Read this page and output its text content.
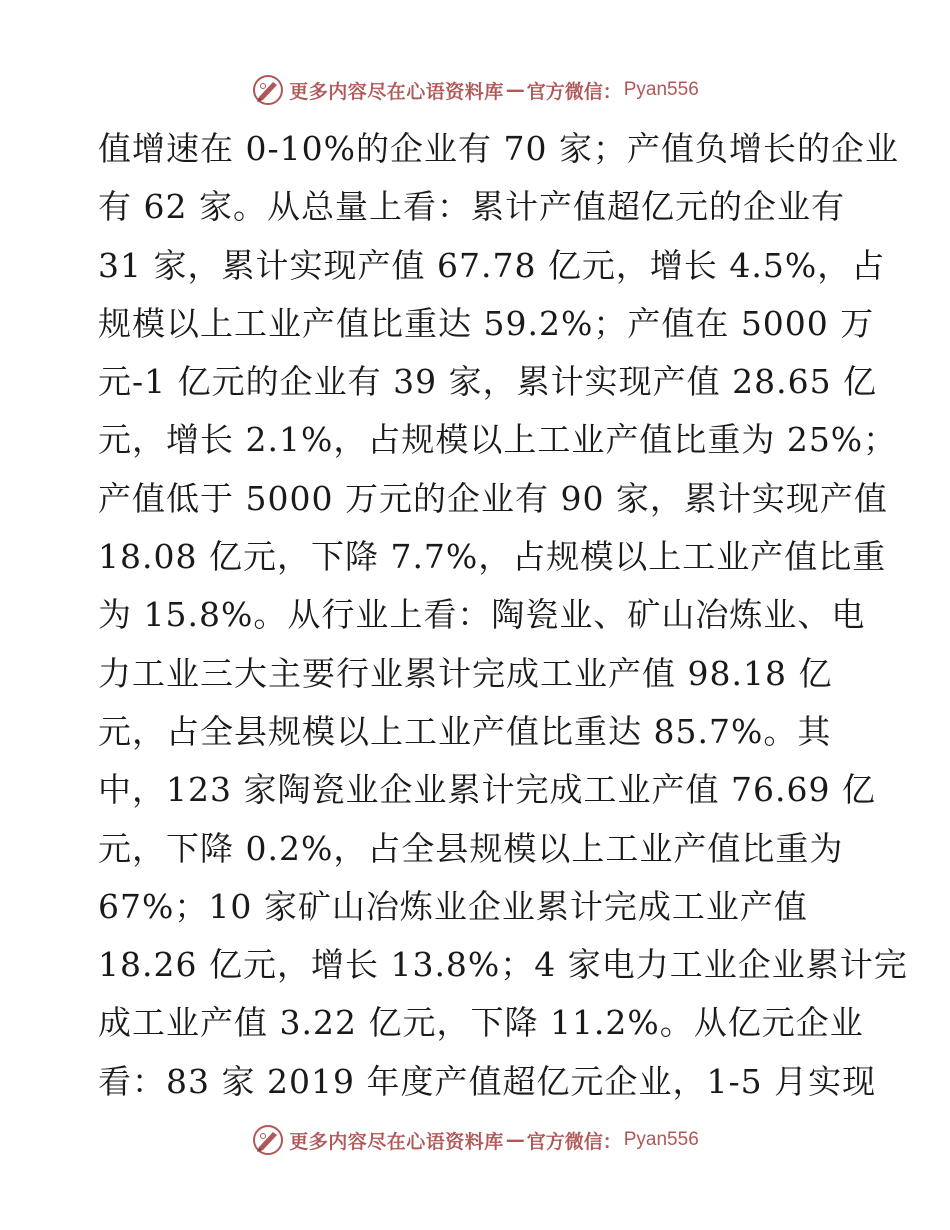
更多内容尽在心语资料库 — 官方微信： Pyan556
值增速在 0-10%的企业有 70 家；产值负增长的企业
有 62 家。从总量上看：累计产值超亿元的企业有
31 家，累计实现产值 67.78 亿元，增长 4.5%，占
规模以上工业产值比重达 59.2%；产值在 5000 万
元-1 亿元的企业有 39 家，累计实现产值 28.65 亿
元，增长 2.1%，占规模以上工业产值比重为 25%；
产值低于 5000 万元的企业有 90 家，累计实现产值
18.08 亿元，下降 7.7%，占规模以上工业产值比重
为 15.8%。从行业上看：陶瓷业、矿山冶炼业、电
力工业三大主要行业累计完成工业产值 98.18 亿
元，占全县规模以上工业产值比重达 85.7%。其
中，123 家陶瓷业企业累计完成工业产值 76.69 亿
元，下降 0.2%，占全县规模以上工业产值比重为
67%；10 家矿山冶炼业企业累计完成工业产值
18.26 亿元，增长 13.8%；4 家电力工业企业累计完
成工业产值 3.22 亿元，下降 11.2%。从亿元企业
看：83 家 2019 年度产值超亿元企业，1-5 月实现
更多内容尽在心语资料库 — 官方微信： Pyan556
